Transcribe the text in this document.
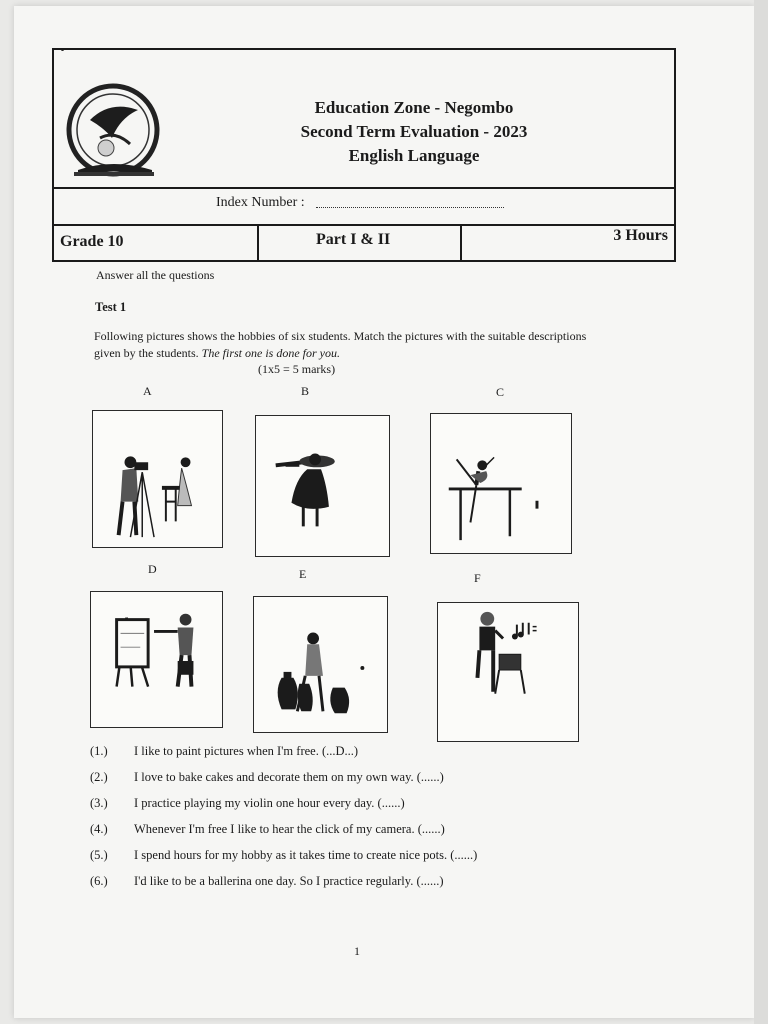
Education Zone - Negombo
Second Term Evaluation - 2023
English Language
Index Number :
Grade 10	Part I & II	3 Hours
Answer all the questions
Test 1
Following pictures shows the hobbies of six students. Match the pictures with the suitable descriptions given by the students. The first one is done for you.
(1x5 = 5 marks)
A	B	C
D	E	F
(1.) I like to paint pictures when I'm free. (...D...)
(2.) I love to bake cakes and decorate them on my own way. (......)
(3.) I practice playing my violin one hour every day. (......)
(4.) Whenever I'm free I like to hear the click of my camera. (......)
(5.) I spend hours for my hobby as it takes time to create nice pots. (......)
(6.) I'd like to be a ballerina one day. So I practice regularly. (......)
1
